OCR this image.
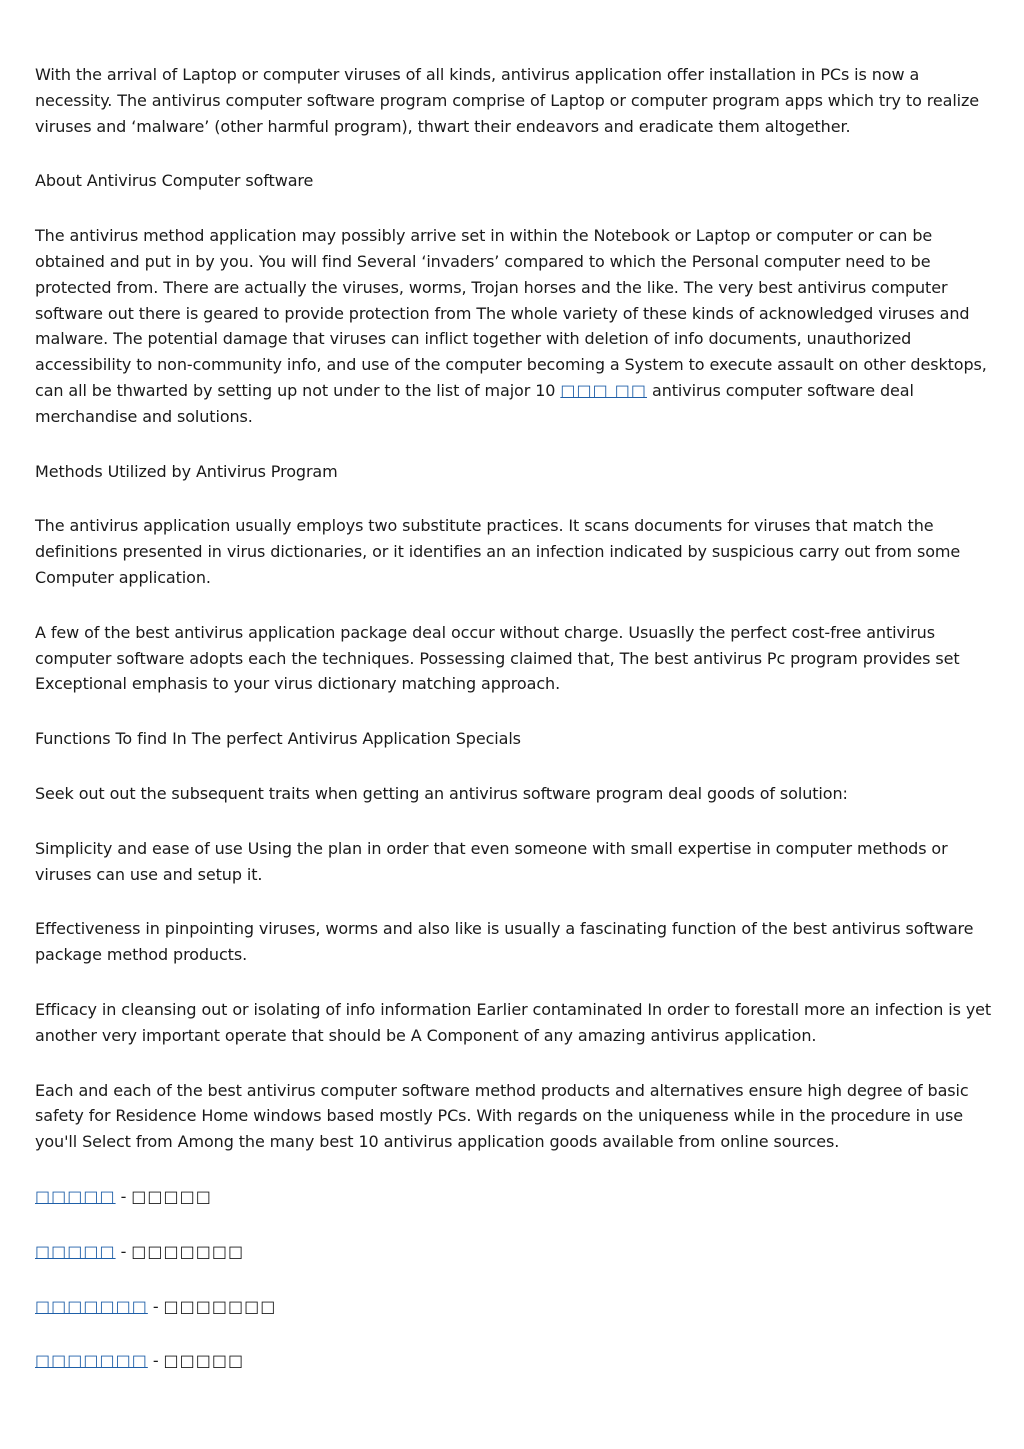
With the arrival of Laptop or computer viruses of all kinds, antivirus application offer installation in PCs is now a necessity. The antivirus computer software program comprise of Laptop or computer program apps which try to realize viruses and ‘malware’ (other harmful program), thwart their endeavors and eradicate them altogether.

About Antivirus Computer software

The antivirus method application may possibly arrive set in within the Notebook or Laptop or computer or can be obtained and put in by you. You will find Several ‘invaders’ compared to which the Personal computer need to be protected from. There are actually the viruses, worms, Trojan horses and the like. The very best antivirus computer software out there is geared to provide protection from The whole variety of these kinds of acknowledged viruses and malware. The potential damage that viruses can inflict together with deletion of info documents, unauthorized accessibility to non-community info, and use of the computer becoming a System to execute assault on other desktops, can all be thwarted by setting up not under to the list of major 10 □□□ □□ antivirus computer software deal merchandise and solutions.

Methods Utilized by Antivirus Program

The antivirus application usually employs two substitute practices. It scans documents for viruses that match the definitions presented in virus dictionaries, or it identifies an an infection indicated by suspicious carry out from some Computer application.

A few of the best antivirus application package deal occur without charge. Usuaslly the perfect cost-free antivirus computer software adopts each the techniques. Possessing claimed that, The best antivirus Pc program provides set Exceptional emphasis to your virus dictionary matching approach.

Functions To find In The perfect Antivirus Application Specials

Seek out out the subsequent traits when getting an antivirus software program deal goods of solution:

Simplicity and ease of use Using the plan in order that even someone with small expertise in computer methods or viruses can use and setup it.

Effectiveness in pinpointing viruses, worms and also like is usually a fascinating function of the best antivirus software package method products.

Efficacy in cleansing out or isolating of info information Earlier contaminated In order to forestall more an infection is yet another very important operate that should be A Component of any amazing antivirus application.

Each and each of the best antivirus computer software method products and alternatives ensure high degree of basic safety for Residence Home windows based mostly PCs. With regards on the uniqueness while in the procedure in use you'll Select from Among the many best 10 antivirus application goods available from online sources.

□□□□□ - □□□□□

□□□□□ - □□□□□□□

□□□□□□□ - □□□□□□□

□□□□□□□ - □□□□□
